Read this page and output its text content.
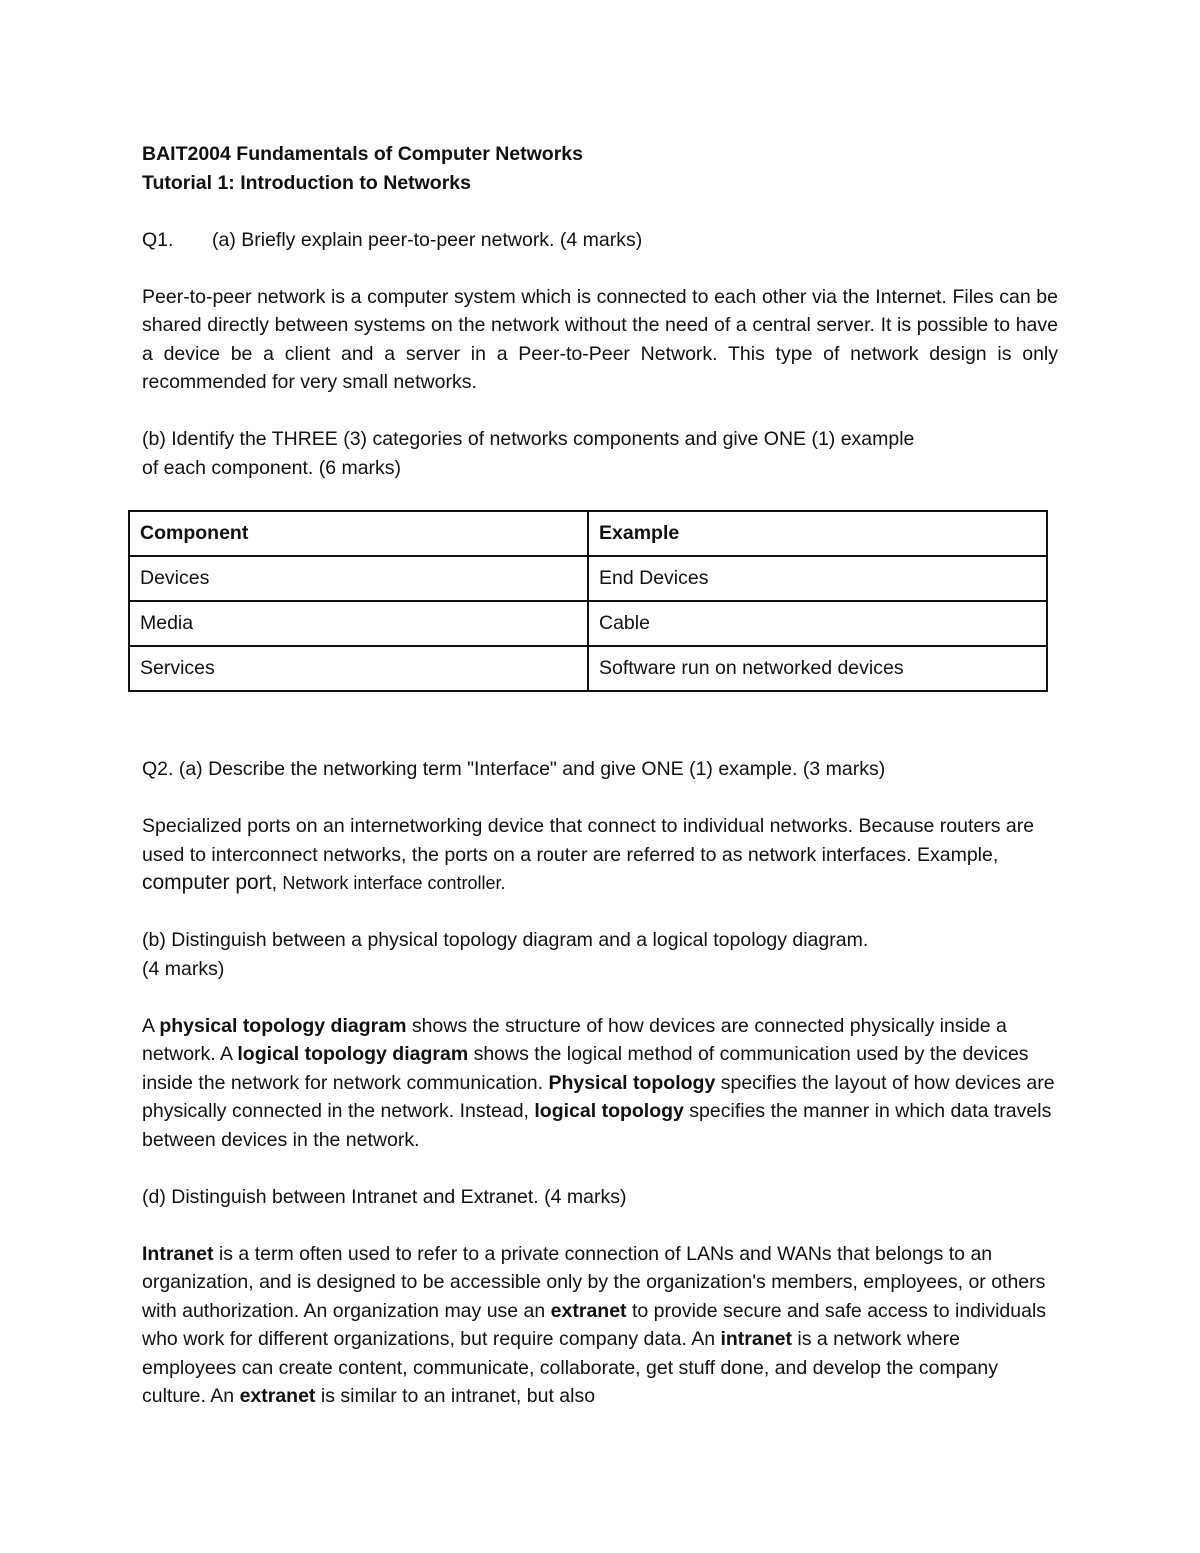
BAIT2004 Fundamentals of Computer Networks

Tutorial 1: Introduction to Networks

Q1.	(a) Briefly explain peer-to-peer network. (4 marks)

Peer-to-peer network is a computer system which is connected to each other via the Internet. Files can be shared directly between systems on the network without the need of a central server. It is possible to have a device be a client and a server in a Peer-to-Peer Network. This type of network design is only recommended for very small networks.

(b) Identify the THREE (3) categories of networks components and give ONE (1) example

of each component. (6 marks)

Component	Example
Devices	End Devices
Media	Cable
Services	Software run on networked devices

Q2. (a) Describe the networking term "Interface" and give ONE (1) example. (3 marks)

Specialized ports on an internetworking device that connect to individual networks. Because routers are used to interconnect networks, the ports on a router are referred to as network interfaces. Example, computer port, Network interface controller.

(b) Distinguish between a physical topology diagram and a logical topology diagram.

(4 marks)

A physical topology diagram shows the structure of how devices are connected physically inside a network. A logical topology diagram shows the logical method of communication used by the devices inside the network for network communication. Physical topology specifies the layout of how devices are physically connected in the network. Instead, logical topology specifies the manner in which data travels between devices in the network.

(d) Distinguish between Intranet and Extranet. (4 marks)

Intranet is a term often used to refer to a private connection of LANs and WANs that belongs to an organization, and is designed to be accessible only by the organization's members, employees, or others with authorization. An organization may use an extranet to provide secure and safe access to individuals who work for different organizations, but require company data. An intranet is a network where employees can create content, communicate, collaborate, get stuff done, and develop the company culture. An extranet is similar to an intranet, but also
